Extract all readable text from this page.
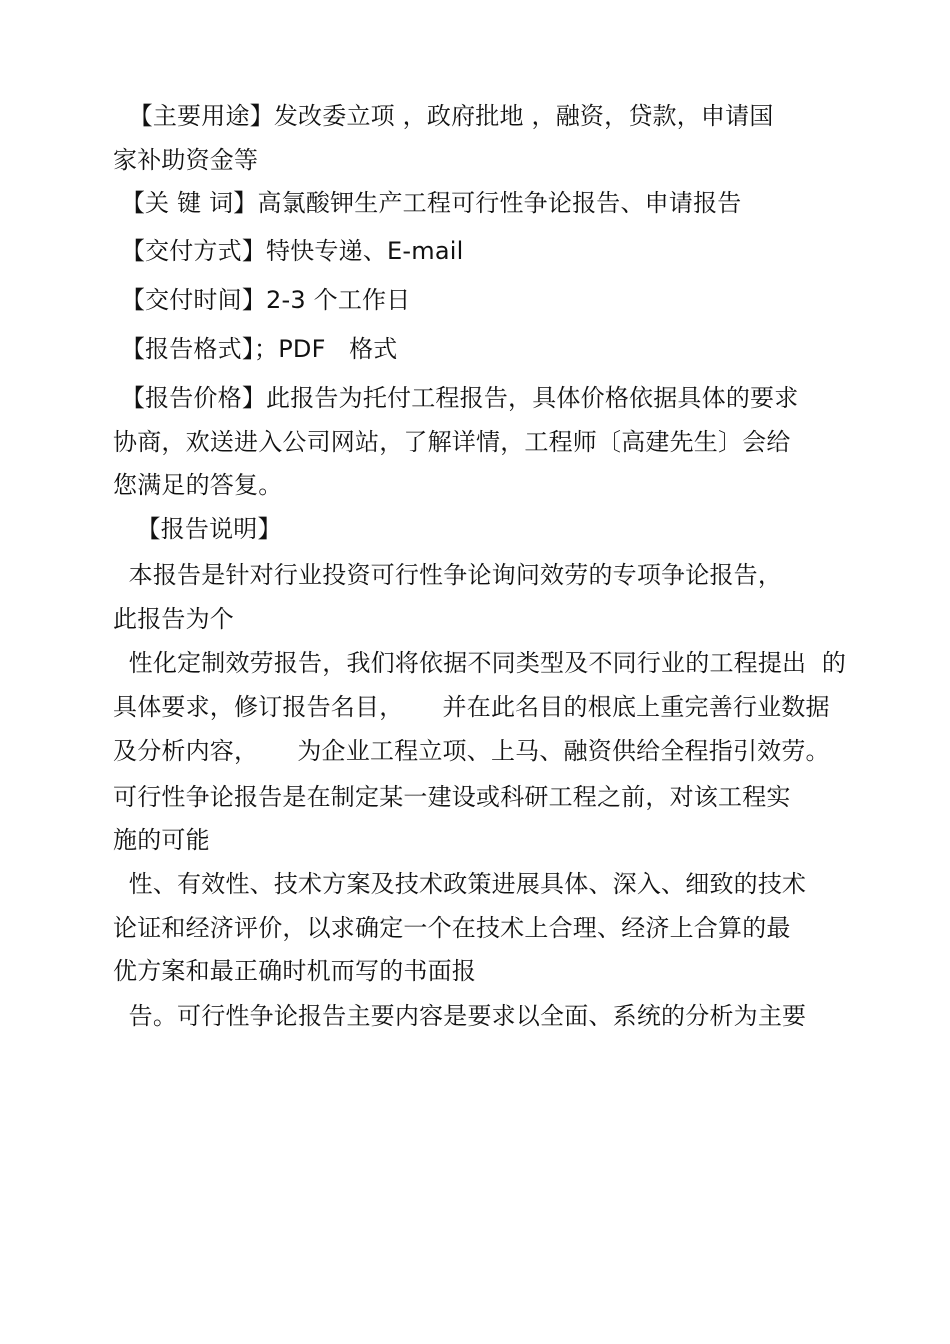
【主要用途】发改委立项 ，政府批地 ，融资，贷款，申请国
家补助资金等
【关 键 词】高氯酸钾生产工程可行性争论报告、申请报告
【交付方式】特快专递、E-mail
【交付时间】2-3 个工作日
【报告格式】；PDF   格式
【报告价格】此报告为托付工程报告，具体价格依据具体的要求
协商，欢送进入公司网站，了解详情，工程师〔高建先生〕会给
您满足的答复。
【报告说明】
本报告是针对行业投资可行性争论询问效劳的专项争论报告，
此报告为个
性化定制效劳报告，我们将依据不同类型及不同行业的工程提出  的
具体要求，修订报告名目，     并在此名目的根底上重完善行业数据
及分析内容，     为企业工程立项、上马、融资供给全程指引效劳。
可行性争论报告是在制定某一建设或科研工程之前，对该工程实
施的可能
性、有效性、技术方案及技术政策进展具体、深入、细致的技术
论证和经济评价，以求确定一个在技术上合理、经济上合算的最
优方案和最正确时机而写的书面报
告。可行性争论报告主要内容是要求以全面、系统的分析为主要
